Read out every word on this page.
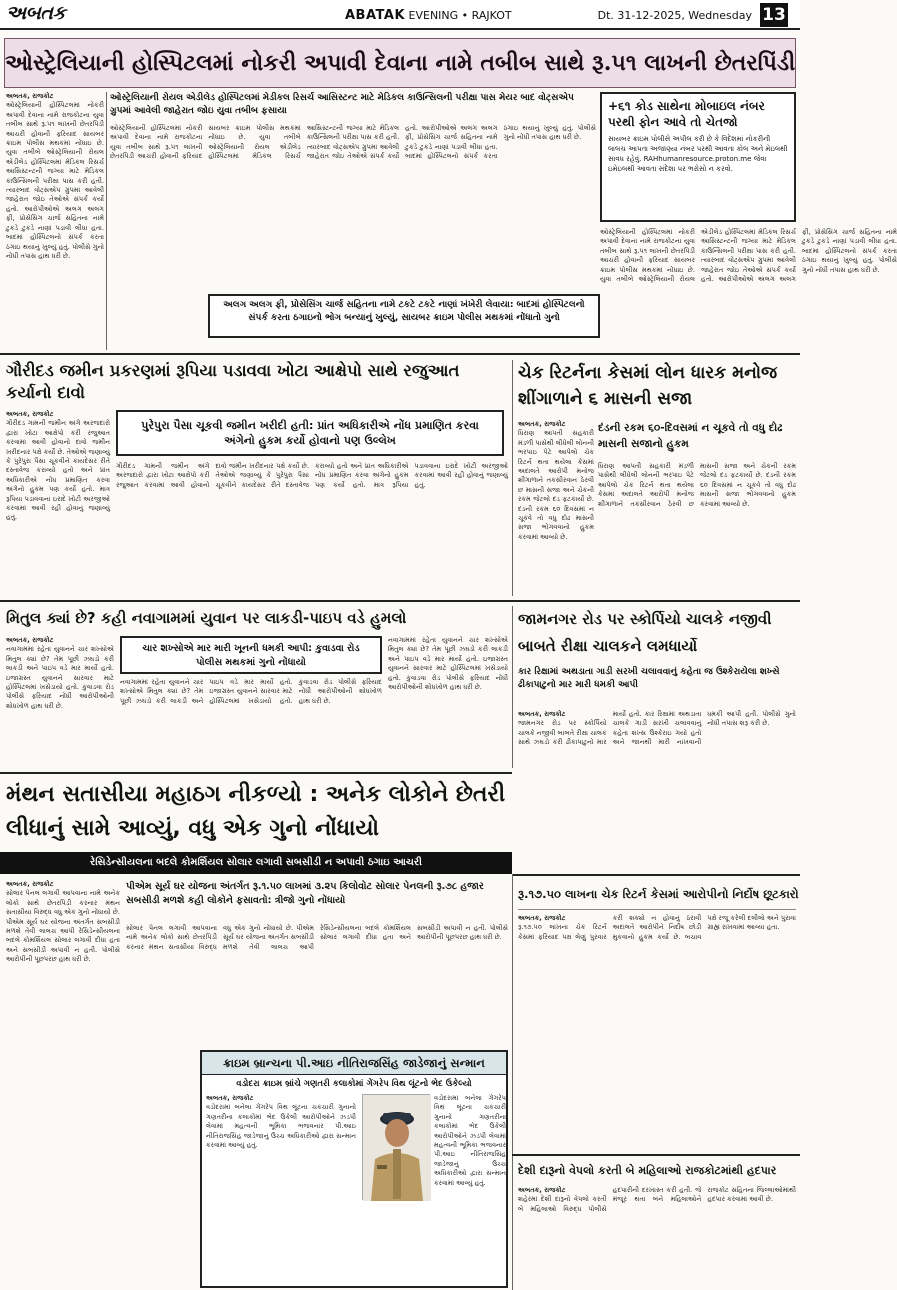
અબતક	ABATAK EVENING • RAJKOT	Dt. 31-12-2025, Wednesday 13
ઓસ્ટ્રેલિયાની હોસ્પિટલમાં નોકરી અપાવી દેવાના નામે તબીબ સાથે રૂ.૫૧ લાખની છેતરપિંડી
અબતક, રાજકોટ
ઓસ્ટ્રેલિયાની હોસ્પિટલમાં નોકરી અપાવી દેવાના નામે રાજકોટના યુવા તબીબ સાથે રૂ.૫૧ લાખની છેતરપિંડી આચરી હોવાની ફરિયાદ સાયબર ક્રાઇમ પોલીસ મથકમાં નોંધાઇ છે. યુવા તબીબે ઓસ્ટ્રેલિયાની રોયલ એડીલેડ હોસ્પિટલમાં મેડિકલ રિસર્ચ આસિસ્ટન્ટની જગ્યા માટે મેડિકલ કાઉન્સિલની પરીક્ષા પાસ કરી હતી. ત્યારબાદ વોટ્સએપ ગ્રુપમાં આવેલી જાહેરાત જોઇ તેઓએ સંપર્ક કર્યો હતો. આરોપીઓએ અલગ અલગ ફી, પ્રોસેસિંગ ચાર્જ સહિતના નામે ટુકડે ટુકડે નાણાં પડાવી લીધા હતા. બાદમાં હોસ્પિટલનો સંપર્ક કરતા ઠગાઇ થયાનું ખુલ્યું હતું. પોલીસે ગુનો નોંધી તપાસ હાથ ધરી છે.
ઓસ્ટ્રેલિયાની રોયલ એડીલેડ હોસ્પિટલમાં મેડીકલ રિસર્ચ આસિસ્ટન્ટ માટે મેડિકલ કાઉન્સિલની પરીક્ષા પાસ મેયર બાદ વોટ્સએપ ગ્રુપમાં આવેલી જાહેરાત જોઇ યુવા તબીબ ફસાયા
ઓસ્ટ્રેલિયાની હોસ્પિટલમાં નોકરી અપાવી દેવાના નામે રાજકોટના યુવા તબીબ સાથે રૂ.૫૧ લાખની છેતરપિંડી આચરી હોવાની ફરિયાદ સાયબર ક્રાઇમ પોલીસ મથકમાં નોંધાઇ છે. યુવા તબીબે ઓસ્ટ્રેલિયાની રોયલ એડીલેડ હોસ્પિટલમાં મેડિકલ રિસર્ચ આસિસ્ટન્ટની જગ્યા માટે મેડિકલ કાઉન્સિલની પરીક્ષા પાસ કરી હતી. ત્યારબાદ વોટ્સએપ ગ્રુપમાં આવેલી જાહેરાત જોઇ તેઓએ સંપર્ક કર્યો હતો. આરોપીઓએ અલગ અલગ ફી, પ્રોસેસિંગ ચાર્જ સહિતના નામે ટુકડે ટુકડે નાણાં પડાવી લીધા હતા. બાદમાં હોસ્પિટલનો સંપર્ક કરતા ઠગાઇ થયાનું ખુલ્યું હતું. પોલીસે ગુનો નોંધી તપાસ હાથ ધરી છે.
+૬૧ કોડ સાથેના મોબાઇલ નંબર પરથી ફોન આવે તો ચેતજો
સાયબર ક્રાઇમ પોલીસે અપીલ કરી છે કે વિદેશમાં નોકરીની લાલચ આપતા અજાણ્યા નંબર પરથી આવતા કોલ અને મેઇલથી સાવધ રહેવું. RAHhumanresource.proton.me જેવા ઇમેઇલથી આવતા સંદેશા પર ભરોસો ન કરવો.
ઓસ્ટ્રેલિયાની હોસ્પિટલમાં નોકરી અપાવી દેવાના નામે રાજકોટના યુવા તબીબ સાથે રૂ.૫૧ લાખની છેતરપિંડી આચરી હોવાની ફરિયાદ સાયબર ક્રાઇમ પોલીસ મથકમાં નોંધાઇ છે. યુવા તબીબે ઓસ્ટ્રેલિયાની રોયલ એડીલેડ હોસ્પિટલમાં મેડિકલ રિસર્ચ આસિસ્ટન્ટની જગ્યા માટે મેડિકલ કાઉન્સિલની પરીક્ષા પાસ કરી હતી. ત્યારબાદ વોટ્સએપ ગ્રુપમાં આવેલી જાહેરાત જોઇ તેઓએ સંપર્ક કર્યો હતો. આરોપીઓએ અલગ અલગ ફી, પ્રોસેસિંગ ચાર્જ સહિતના નામે ટુકડે ટુકડે નાણાં પડાવી લીધા હતા. બાદમાં હોસ્પિટલનો સંપર્ક કરતા ઠગાઇ થયાનું ખુલ્યું હતું. પોલીસે ગુનો નોંધી તપાસ હાથ ધરી છે.
અલગ અલગ ફી, પ્રોસેસિંગ ચાર્જ સહિતના નામે ટકટે ટકટે નાણાં ખંખેરી લેવાયા: બાદમાં હોસ્પિટલનો સંપર્ક કરતા ઠગાઇનો ભોગ બન્યાનું ખુલ્યું, સાયબર ક્રાઇમ પોલીસ મથકમાં નોંધાતો ગુનો
ગૌરીદડ જમીન પ્રકરણમાં રૂપિયા પડાવવા ખોટા આક્ષેપો સાથે રજુઆત કર્યાનો દાવો
પુરેપુરા પૈસા ચૂકવી જમીન ખરીદી હતી: પ્રાંત અધિકારીએ નોંધ પ્રમાણિત કરવા અંગેનો હુકમ કર્યો હોવાનો પણ ઉલ્લેખ
અબતક, રાજકોટ
ગૌરીદડ ગામની જમીન અંગે અરજદારો દ્વારા ખોટા આક્ષેપો કરી રજુઆત કરવામાં આવી હોવાનો દાવો જમીન ખરીદનાર પક્ષે કર્યો છે. તેઓએ જણાવ્યું કે પુરેપુરા પૈસા ચૂકવીને કાયદેસર રીતે દસ્તાવેજ કરાવ્યો હતો અને પ્રાંત અધિકારીએ નોંધ પ્રમાણિત કરવા અંગેનો હુકમ પણ કર્યો હતો. માત્ર રૂપિયા પડાવવાના ઇરાદે ખોટી અરજીઓ કરવામાં આવી રહી હોવાનું જણાવ્યું હતું.
ગૌરીદડ ગામની જમીન અંગે અરજદારો દ્વારા ખોટા આક્ષેપો કરી રજુઆત કરવામાં આવી હોવાનો દાવો જમીન ખરીદનાર પક્ષે કર્યો છે. તેઓએ જણાવ્યું કે પુરેપુરા પૈસા ચૂકવીને કાયદેસર રીતે દસ્તાવેજ કરાવ્યો હતો અને પ્રાંત અધિકારીએ નોંધ પ્રમાણિત કરવા અંગેનો હુકમ પણ કર્યો હતો. માત્ર રૂપિયા પડાવવાના ઇરાદે ખોટી અરજીઓ કરવામાં આવી રહી હોવાનું જણાવ્યું હતું.
ચેક રિટર્નના કેસમાં લોન ધારક મનોજ શીંગાળાને ૬ માસની સજા
દંડની રકમ ૬૦-દિવસમાં ન ચૂકવે તો વધુ દોઢ માસની સજાનો હુકમ
અબતક, રાજકોટ
ધિરાણ આપતી સહકારી મંડળી પાસેથી લીધેલી લોનની ભરપાઇ પેટે આપેલો ચેક રિટર્ન થતા થયેલા કેસમાં અદાલતે આરોપી મનોજ શીંગાળાને તકસીરવાન ઠેરવી છ માસની સજા અને ચેકની રકમ જેટલો દંડ ફટકાર્યો છે. દંડની રકમ ૬૦ દિવસમાં ન ચૂકવે તો વધુ દોઢ માસની સજા ભોગવવાનો હુકમ કરવામાં આવ્યો છે.
ધિરાણ આપતી સહકારી મંડળી પાસેથી લીધેલી લોનની ભરપાઇ પેટે આપેલો ચેક રિટર્ન થતા થયેલા કેસમાં અદાલતે આરોપી મનોજ શીંગાળાને તકસીરવાન ઠેરવી છ માસની સજા અને ચેકની રકમ જેટલો દંડ ફટકાર્યો છે. દંડની રકમ ૬૦ દિવસમાં ન ચૂકવે તો વધુ દોઢ માસની સજા ભોગવવાનો હુકમ કરવામાં આવ્યો છે.
મિતુલ ક્યાં છે? કહી નવાગામમાં યુવાન પર લાકડી-પાઇપ વડે હુમલો
ચાર શખ્સોએ માર મારી ખૂનની ધમકી આપી: કુવાડવા રોડ પોલીસ મથકમાં ગુનો નોંધાયો
અબતક, રાજકોટ
નવાગામમાં રહેતા યુવાનને ચાર શખ્સોએ મિતુલ ક્યાં છે? તેમ પૂછી ઝઘડો કરી લાકડી અને પાઇપ વડે માર માર્યો હતો. ઇજાગ્રસ્ત યુવાનને સારવાર માટે હોસ્પિટલમાં ખસેડાયો હતો. કુવાડવા રોડ પોલીસે ફરિયાદ નોંધી આરોપીઓની શોધખોળ હાથ ધરી છે.
નવાગામમાં રહેતા યુવાનને ચાર શખ્સોએ મિતુલ ક્યાં છે? તેમ પૂછી ઝઘડો કરી લાકડી અને પાઇપ વડે માર માર્યો હતો. ઇજાગ્રસ્ત યુવાનને સારવાર માટે હોસ્પિટલમાં ખસેડાયો હતો. કુવાડવા રોડ પોલીસે ફરિયાદ નોંધી આરોપીઓની શોધખોળ હાથ ધરી છે.
નવાગામમાં રહેતા યુવાનને ચાર શખ્સોએ મિતુલ ક્યાં છે? તેમ પૂછી ઝઘડો કરી લાકડી અને પાઇપ વડે માર માર્યો હતો. ઇજાગ્રસ્ત યુવાનને સારવાર માટે હોસ્પિટલમાં ખસેડાયો હતો. કુવાડવા રોડ પોલીસે ફરિયાદ નોંધી આરોપીઓની શોધખોળ હાથ ધરી છે.
જામનગર રોડ પર સ્કોર્પિયો ચાલકે નજીવી બાબતે રીક્ષા ચાલકને લમધાર્યો
કાર રિક્ષામાં અથડાતા ગાડી સરખી ચલાવવાનું કહેતા જ ઉશ્કેરાયેલા શખ્સે ઢીકાપાટુનો માર મારી ધમકી આપી
અબતક, રાજકોટ
જામનગર રોડ પર સ્કોર્પિયો ચાલકે નજીવી બાબતે રીક્ષા ચાલક સાથે ઝઘડો કરી ઢીકાપાટુનો માર માર્યો હતો. કાર રિક્ષામાં અથડાતા ચાલકે ગાડી સરખી ચલાવવાનું કહેતા શખ્સ ઉશ્કેરાઇ ગયો હતો અને જાનથી મારી નાખવાની ધમકી આપી હતી. પોલીસે ગુનો નોંધી તપાસ શરૂ કરી છે.
મંથન સતાસીયા મહાઠગ નીકળ્યો : અનેક લોકોને છેતરી લીધાનું સામે આવ્યું, વધુ એક ગુનો નોંધાયો
રેસિડેન્સીયલના બદલે કોમર્શિયલ સોલાર લગાવી સબસીડી ન અપાવી ઠગાઇ આચરી
પીએમ સૂર્ય ઘર યોજના અંતર્ગત રૂ.૧.૫૦ લાખમાં ૩.૨૫ કિલોવોટ સોલાર પેનલની રૂ.૭૮ હજાર સબસીડી મળશે કહી લોકોને ફસાવતો: ત્રીજો ગુનો નોંધાયો
અબતક, રાજકોટ
સોલાર પેનલ લગાવી આપવાના નામે અનેક લોકો સાથે છેતરપિંડી કરનાર મંથન સતાસીયા વિરુદ્ધ વધુ એક ગુનો નોંધાયો છે. પીએમ સૂર્ય ઘર યોજના અંતર્ગત સબસીડી મળશે તેવી લાલચ આપી રેસિડેન્સીયલના બદલે કોમર્શિયલ સોલાર લગાવી દીધા હતા અને સબસીડી અપાવી ન હતી. પોલીસે આરોપીની પૂછપરછ હાથ ધરી છે.
સોલાર પેનલ લગાવી આપવાના નામે અનેક લોકો સાથે છેતરપિંડી કરનાર મંથન સતાસીયા વિરુદ્ધ વધુ એક ગુનો નોંધાયો છે. પીએમ સૂર્ય ઘર યોજના અંતર્ગત સબસીડી મળશે તેવી લાલચ આપી રેસિડેન્સીયલના બદલે કોમર્શિયલ સોલાર લગાવી દીધા હતા અને સબસીડી અપાવી ન હતી. પોલીસે આરોપીની પૂછપરછ હાથ ધરી છે.
ક્રાઇમ બ્રાન્ચના પી.આઇ નીતિરાજસિંહ જાડેજાનું સન્માન
વડોદરા ક્રાઇમ બ્રાંચે ગણતરી કલાકોમાં ગેંગરેપ વિથ લૂંટનો ભેદ ઉકેલ્યો
અબતક, રાજકોટ
વડોદરામાં બનેલા ગેંગરેપ વિથ લૂંટના ચકચારી ગુનાનો ગણતરીના કલાકોમાં ભેદ ઉકેલી આરોપીઓને ઝડપી લેવામાં મહત્વની ભૂમિકા ભજવનાર પી.આઇ નીતિરાજસિંહ જાડેજાનું ઉચ્ચ અધિકારીઓ દ્વારા સન્માન કરવામાં આવ્યું હતું.
વડોદરામાં બનેલા ગેંગરેપ વિથ લૂંટના ચકચારી ગુનાનો ગણતરીના કલાકોમાં ભેદ ઉકેલી આરોપીઓને ઝડપી લેવામાં મહત્વની ભૂમિકા ભજવનાર પી.આઇ નીતિરાજસિંહ જાડેજાનું ઉચ્ચ અધિકારીઓ દ્વારા સન્માન કરવામાં આવ્યું હતું.
રૂ.૧૭.૫૦ લાખના ચેક રિટર્ન કેસમાં આરોપીનો નિર્દોષ છૂટકારો
અબતક, રાજકોટ
રૂ.૧૭.૫૦ લાખના ચેક રિટર્ન કેસમાં ફરિયાદ પક્ષ લેણું પુરવાર કરી શક્યો ન હોવાનું ઠરાવી અદાલતે આરોપીને નિર્દોષ છોડી મુકવાનો હુકમ કર્યો છે. બચાવ પક્ષે રજૂ કરેલી દલીલો અને પુરાવા ગ્રાહ્ય રાખવામાં આવ્યા હતા.
દેશી દારૂનો વેપલો કરતી બે મહિલાઓ રાજકોટમાંથી હદપાર
અબતક, રાજકોટ
શહેરમાં દેશી દારૂનો વેપલો કરતી બે મહિલાઓ વિરુદ્ધ પોલીસે હદપારીની દરખાસ્ત કરી હતી. જે મંજૂર થતા બંને મહિલાઓને રાજકોટ સહિતના જિલ્લાઓમાંથી હદપાર કરવામાં આવી છે.
